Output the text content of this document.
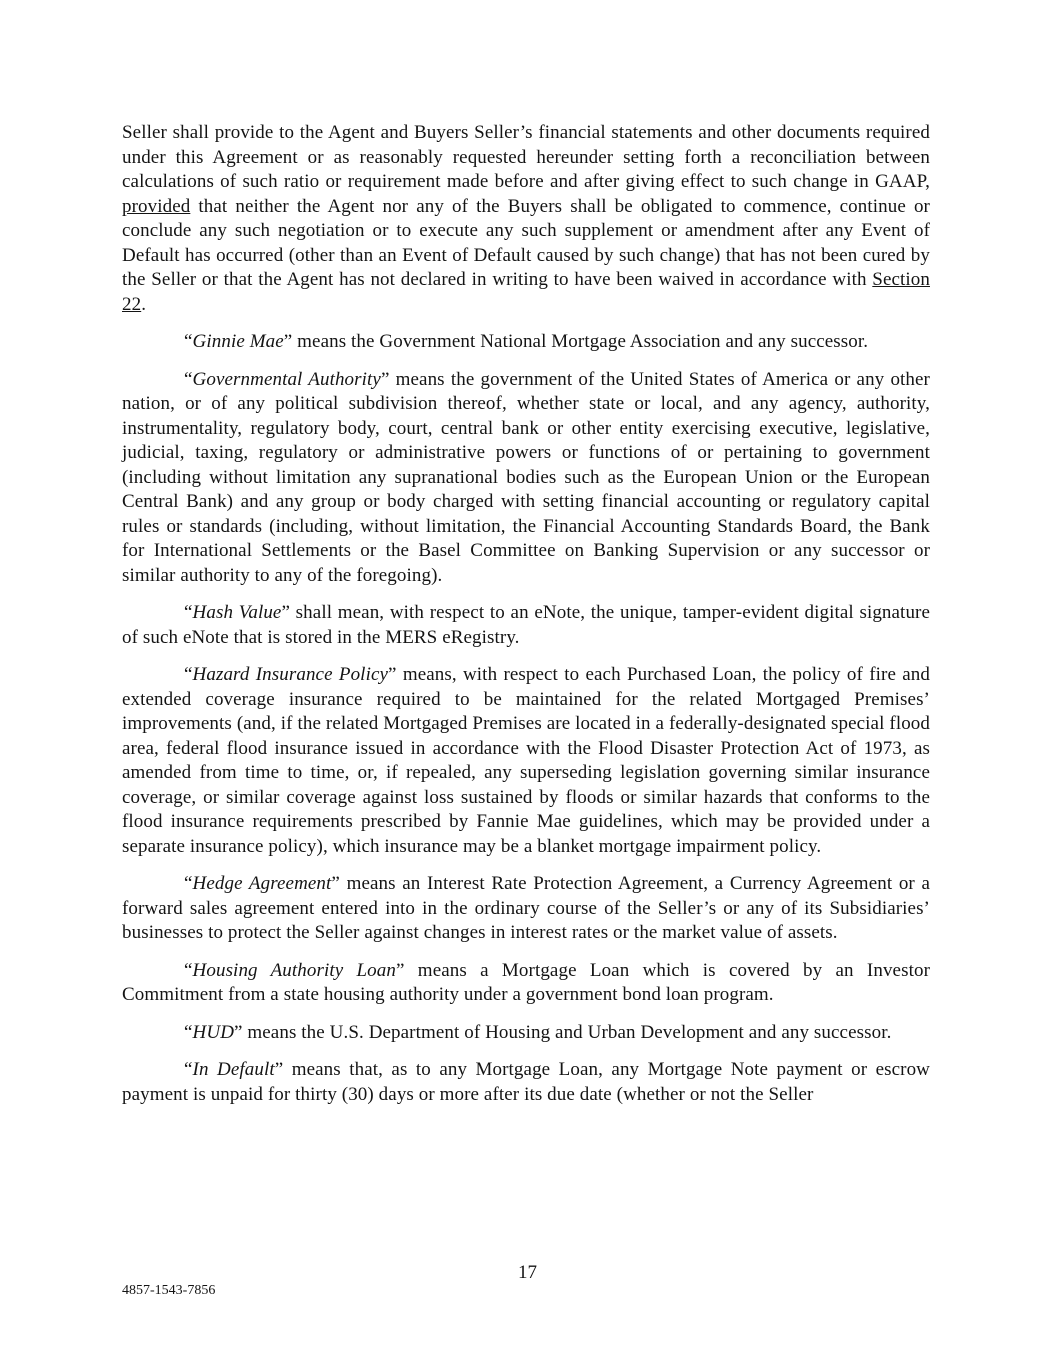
Seller shall provide to the Agent and Buyers Seller’s financial statements and other documents required under this Agreement or as reasonably requested hereunder setting forth a reconciliation between calculations of such ratio or requirement made before and after giving effect to such change in GAAP, provided that neither the Agent nor any of the Buyers shall be obligated to commence, continue or conclude any such negotiation or to execute any such supplement or amendment after any Event of Default has occurred (other than an Event of Default caused by such change) that has not been cured by the Seller or that the Agent has not declared in writing to have been waived in accordance with Section 22.

“Ginnie Mae” means the Government National Mortgage Association and any successor.

“Governmental Authority” means the government of the United States of America or any other nation, or of any political subdivision thereof, whether state or local, and any agency, authority, instrumentality, regulatory body, court, central bank or other entity exercising executive, legislative, judicial, taxing, regulatory or administrative powers or functions of or pertaining to government (including without limitation any supranational bodies such as the European Union or the European Central Bank) and any group or body charged with setting financial accounting or regulatory capital rules or standards (including, without limitation, the Financial Accounting Standards Board, the Bank for International Settlements or the Basel Committee on Banking Supervision or any successor or similar authority to any of the foregoing).

“Hash Value” shall mean, with respect to an eNote, the unique, tamper-evident digital signature of such eNote that is stored in the MERS eRegistry.

“Hazard Insurance Policy” means, with respect to each Purchased Loan, the policy of fire and extended coverage insurance required to be maintained for the related Mortgaged Premises’ improvements (and, if the related Mortgaged Premises are located in a federally-designated special flood area, federal flood insurance issued in accordance with the Flood Disaster Protection Act of 1973, as amended from time to time, or, if repealed, any superseding legislation governing similar insurance coverage, or similar coverage against loss sustained by floods or similar hazards that conforms to the flood insurance requirements prescribed by Fannie Mae guidelines, which may be provided under a separate insurance policy), which insurance may be a blanket mortgage impairment policy.

“Hedge Agreement” means an Interest Rate Protection Agreement, a Currency Agreement or a forward sales agreement entered into in the ordinary course of the Seller’s or any of its Subsidiaries’ businesses to protect the Seller against changes in interest rates or the market value of assets.

“Housing Authority Loan” means a Mortgage Loan which is covered by an Investor Commitment from a state housing authority under a government bond loan program.

“HUD” means the U.S. Department of Housing and Urban Development and any successor.

“In Default” means that, as to any Mortgage Loan, any Mortgage Note payment or escrow payment is unpaid for thirty (30) days or more after its due date (whether or not the Seller

17
4857-1543-7856
